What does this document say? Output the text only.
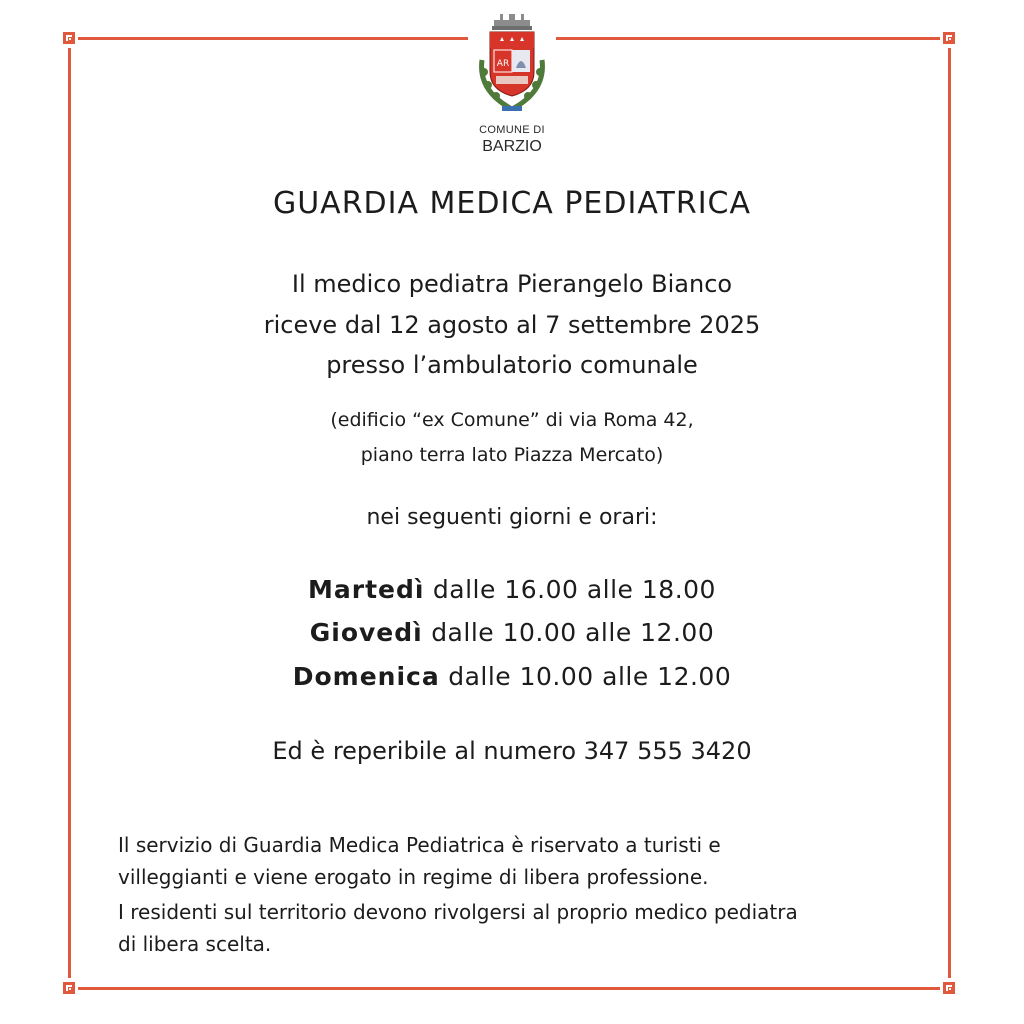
AR
COMUNE DI
BARZIO
GUARDIA MEDICA PEDIATRICA
Il medico pediatra Pierangelo Bianco
riceve dal 12 agosto al 7 settembre 2025
presso l’ambulatorio comunale
(edificio “ex Comune” di via Roma 42,
piano terra lato Piazza Mercato)
nei seguenti giorni e orari:
Martedì dalle 16.00 alle 18.00
Giovedì dalle 10.00 alle 12.00
Domenica dalle 10.00 alle 12.00
Ed è reperibile al numero 347 555 3420
Il servizio di Guardia Medica Pediatrica è riservato a turisti e
villeggianti e viene erogato in regime di libera professione.
I residenti sul territorio devono rivolgersi al proprio medico pediatra
di libera scelta.
